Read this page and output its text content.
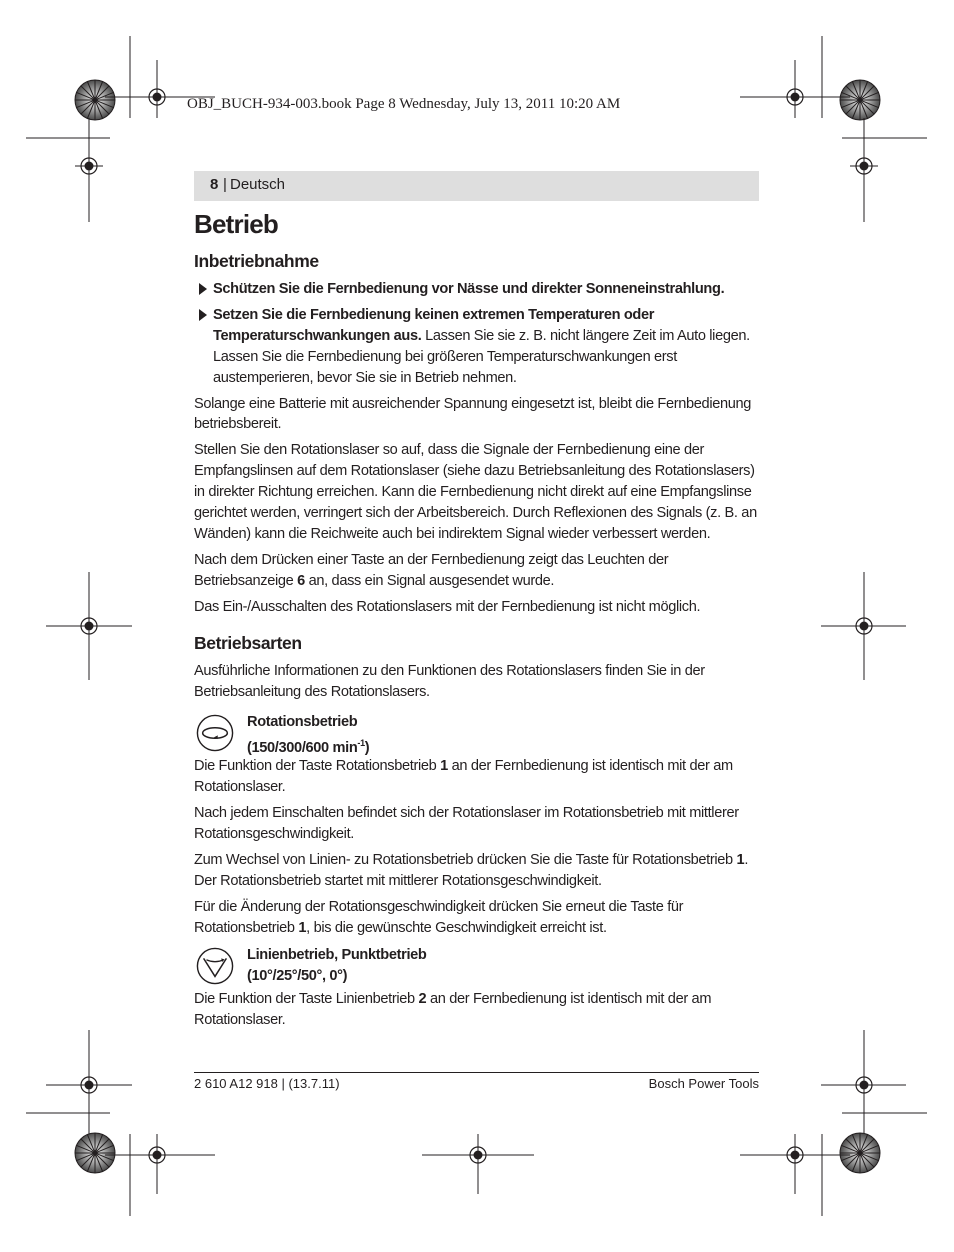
OBJ_BUCH-934-003.book Page 8 Wednesday, July 13, 2011 10:20 AM
8 | Deutsch
Betrieb
Inbetriebnahme
Schützen Sie die Fernbedienung vor Nässe und direkter Sonneneinstrahlung.
Setzen Sie die Fernbedienung keinen extremen Temperaturen oder Temperaturschwankungen aus. Lassen Sie sie z. B. nicht längere Zeit im Auto liegen. Lassen Sie die Fernbedienung bei größeren Temperaturschwankungen erst austemperieren, bevor Sie sie in Betrieb nehmen.

Solange eine Batterie mit ausreichender Spannung eingesetzt ist, bleibt die Fernbedienung betriebsbereit.

Stellen Sie den Rotationslaser so auf, dass die Signale der Fernbedienung eine der Empfangslinsen auf dem Rotationslaser (siehe dazu Betriebsanleitung des Rotationslasers) in direkter Richtung erreichen. Kann die Fernbedienung nicht direkt auf eine Empfangslinse gerichtet werden, verringert sich der Arbeitsbereich. Durch Reflexionen des Signals (z. B. an Wänden) kann die Reichweite auch bei indirektem Signal wieder verbessert werden.

Nach dem Drücken einer Taste an der Fernbedienung zeigt das Leuchten der Betriebsanzeige 6 an, dass ein Signal ausgesendet wurde.

Das Ein-/Ausschalten des Rotationslasers mit der Fernbedienung ist nicht möglich.

Betriebsarten

Ausführliche Informationen zu den Funktionen des Rotationslasers finden Sie in der Betriebsanleitung des Rotationslasers.

Rotationsbetrieb
(150/300/600 $\min^{-1}$)

Die Funktion der Taste Rotationsbetrieb 1 an der Fernbedienung ist identisch mit der am Rotationslaser.

Nach jedem Einschalten befindet sich der Rotationslaser im Rotationsbetrieb mit mittlerer Rotationsgeschwindigkeit.

Zum Wechsel von Linien- zu Rotationsbetrieb drücken Sie die Taste für Rotationsbetrieb 1. Der Rotationsbetrieb startet mit mittlerer Rotationsgeschwindigkeit.

Für die Änderung der Rotationsgeschwindigkeit drücken Sie erneut die Taste für Rotationsbetrieb 1, bis die gewünschte Geschwindigkeit erreicht ist.

Linienbetrieb, Punktbetrieb
(10°/25°/50°, 0°)

Die Funktion der Taste Linienbetrieb 2 an der Fernbedienung ist identisch mit der am Rotationslaser.

2 610 A12 918 | (13.7.11)	Bosch Power Tools
